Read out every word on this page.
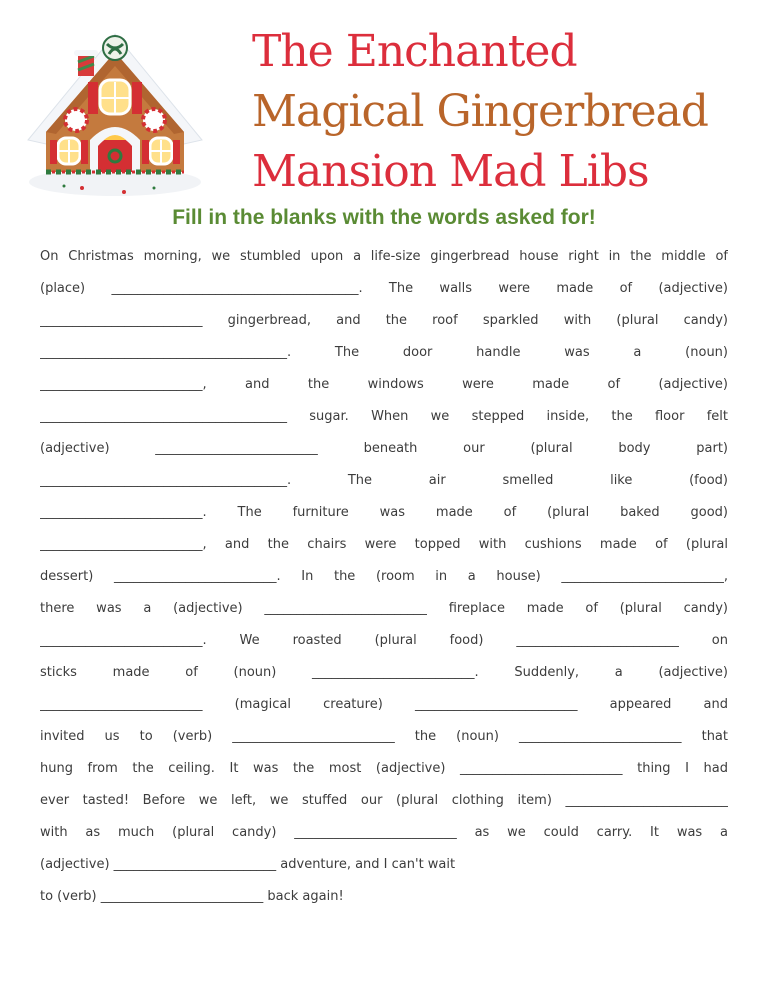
The Enchanted
Magical Gingerbread
Mansion Mad Libs
Fill in the blanks with the words asked for!
On Christmas morning, we stumbled upon a life-size gingerbread house right in the middle of
(place) ______________________________________. The walls were made of (adjective)
_________________________ gingerbread, and the roof sparkled with (plural candy)
______________________________________. The door handle was a (noun)
_________________________, and the windows were made of (adjective)
______________________________________ sugar. When we stepped inside, the floor felt
(adjective) _________________________ beneath our (plural body part)
______________________________________. The air smelled like (food)
_________________________. The furniture was made of (plural baked good)
_________________________, and the chairs were topped with cushions made of (plural
dessert) _________________________. In the (room in a house) _________________________,
there was a (adjective) _________________________ fireplace made of (plural candy)
_________________________. We roasted (plural food) _________________________ on
sticks made of (noun) _________________________. Suddenly, a (adjective)
_________________________ (magical creature) _________________________ appeared and
invited us to (verb) _________________________ the (noun) _________________________ that
hung from the ceiling. It was the most (adjective) _________________________ thing I had
ever tasted! Before we left, we stuffed our (plural clothing item) _________________________
with as much (plural candy) _________________________ as we could carry. It was a
(adjective) _________________________ adventure, and I can't wait
to (verb) _________________________ back again!
